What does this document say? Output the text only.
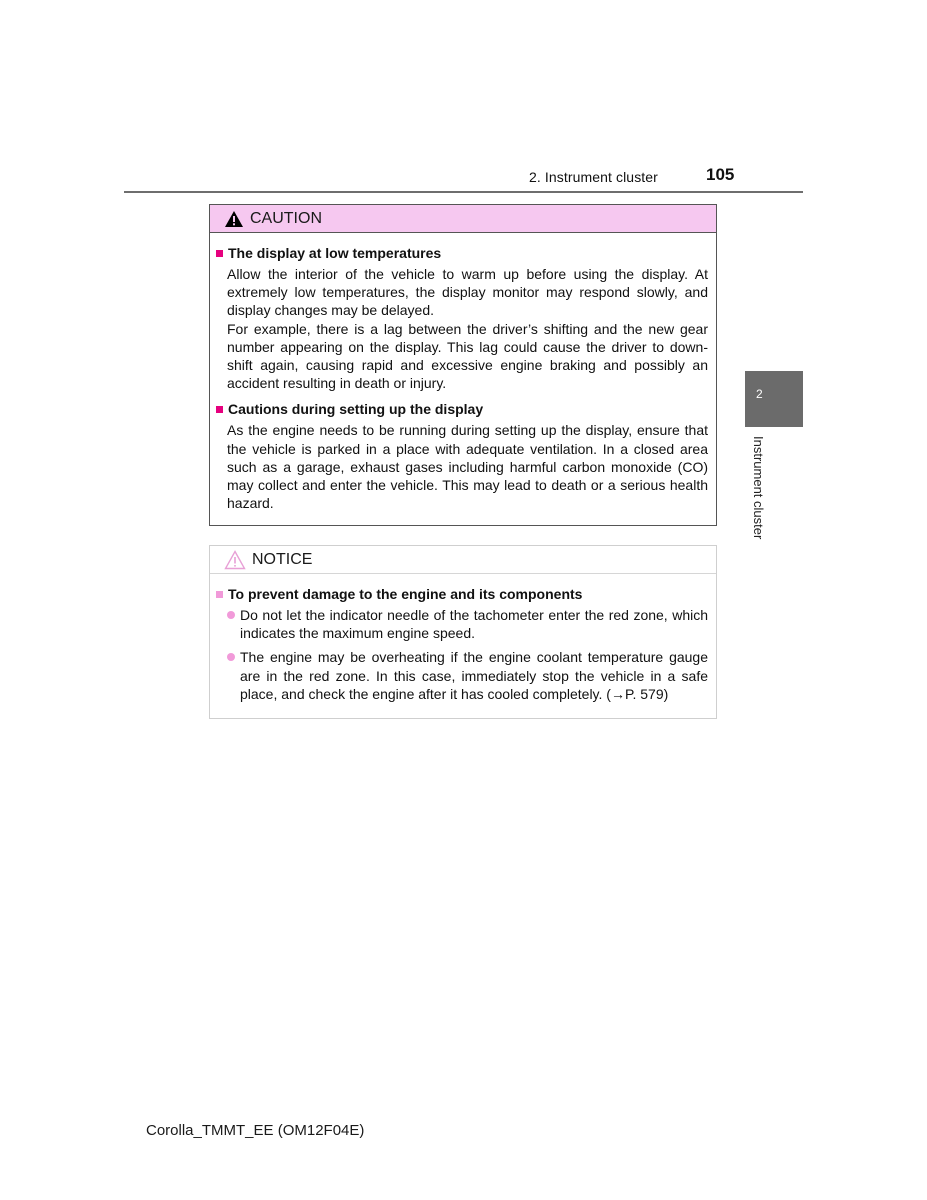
2. Instrument cluster	105
2
Instrument cluster
CAUTION
The display at low temperatures
Allow the interior of the vehicle to warm up before using the display. At extremely low temperatures, the display monitor may respond slowly, and display changes may be delayed.
For example, there is a lag between the driver’s shifting and the new gear number appearing on the display. This lag could cause the driver to down-shift again, causing rapid and excessive engine braking and possibly an accident resulting in death or injury.
Cautions during setting up the display
As the engine needs to be running during setting up the display, ensure that the vehicle is parked in a place with adequate ventilation. In a closed area such as a garage, exhaust gases including harmful carbon monoxide (CO) may collect and enter the vehicle. This may lead to death or a serious health hazard.
NOTICE
To prevent damage to the engine and its components
Do not let the indicator needle of the tachometer enter the red zone, which indicates the maximum engine speed.
The engine may be overheating if the engine coolant temperature gauge are in the red zone. In this case, immediately stop the vehicle in a safe place, and check the engine after it has cooled completely. (→P. 579)
Corolla_TMMT_EE (OM12F04E)
